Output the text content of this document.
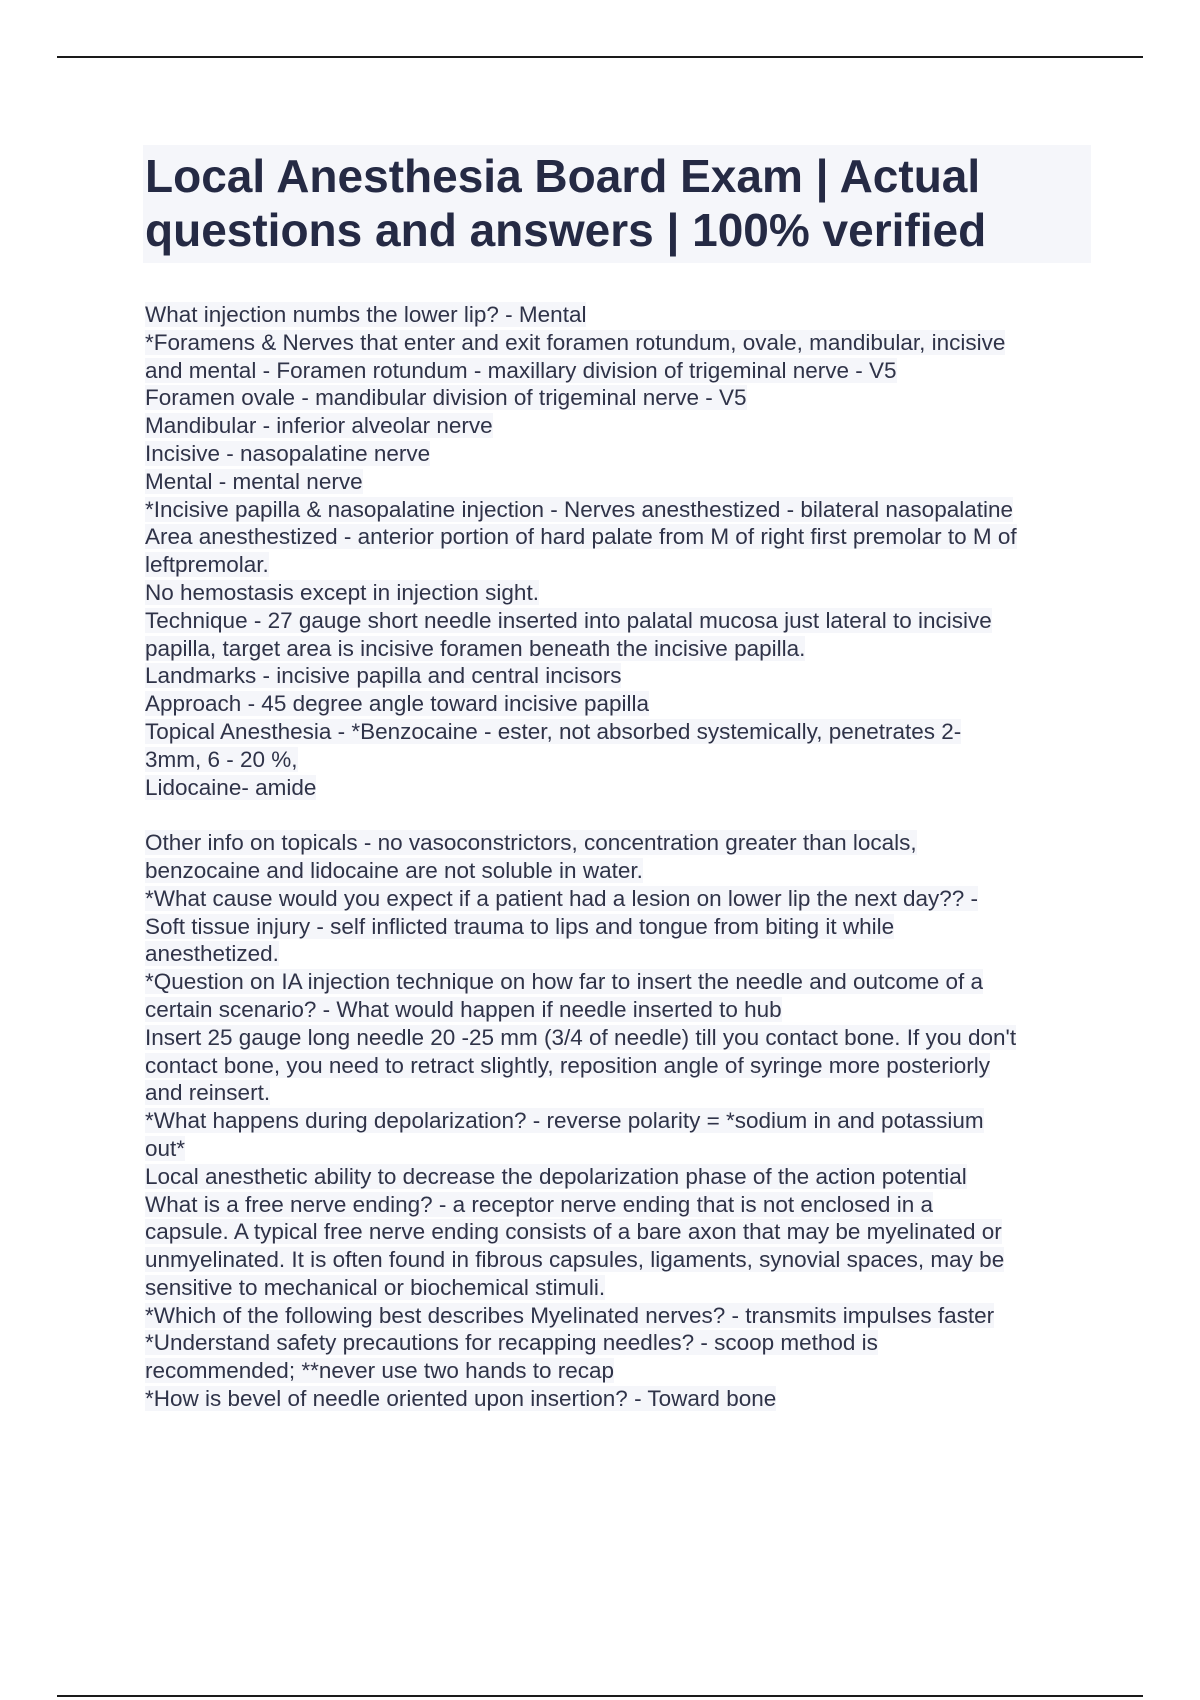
Local Anesthesia Board Exam | Actual
questions and answers | 100% verified
What injection numbs the lower lip? - Mental
*Foramens & Nerves that enter and exit foramen rotundum, ovale, mandibular, incisive
and mental - Foramen rotundum - maxillary division of trigeminal nerve - V5
Foramen ovale - mandibular division of trigeminal nerve - V5
Mandibular - inferior alveolar nerve
Incisive - nasopalatine nerve
Mental - mental nerve
*Incisive papilla & nasopalatine injection - Nerves anesthestized - bilateral nasopalatine
Area anesthestized - anterior portion of hard palate from M of right first premolar to M of
leftpremolar.
No hemostasis except in injection sight.
Technique - 27 gauge short needle inserted into palatal mucosa just lateral to incisive
papilla, target area is incisive foramen beneath the incisive papilla.
Landmarks - incisive papilla and central incisors
Approach - 45 degree angle toward incisive papilla
Topical Anesthesia - *Benzocaine - ester, not absorbed systemically, penetrates 2-
3mm, 6 - 20 %,
Lidocaine- amide
Other info on topicals - no vasoconstrictors, concentration greater than locals,
benzocaine and lidocaine are not soluble in water.
*What cause would you expect if a patient had a lesion on lower lip the next day?? -
Soft tissue injury - self inflicted trauma to lips and tongue from biting it while
anesthetized.
*Question on IA injection technique on how far to insert the needle and outcome of a
certain scenario? - What would happen if needle inserted to hub
Insert 25 gauge long needle 20 -25 mm (3/4 of needle) till you contact bone. If you don't
contact bone, you need to retract slightly, reposition angle of syringe more posteriorly
and reinsert.
*What happens during depolarization? - reverse polarity = *sodium in and potassium
out*
Local anesthetic ability to decrease the depolarization phase of the action potential
What is a free nerve ending? - a receptor nerve ending that is not enclosed in a
capsule. A typical free nerve ending consists of a bare axon that may be myelinated or
unmyelinated. It is often found in fibrous capsules, ligaments, synovial spaces, may be
sensitive to mechanical or biochemical stimuli.
*Which of the following best describes Myelinated nerves? - transmits impulses faster
*Understand safety precautions for recapping needles? - scoop method is
recommended; **never use two hands to recap
*How is bevel of needle oriented upon insertion? - Toward bone
